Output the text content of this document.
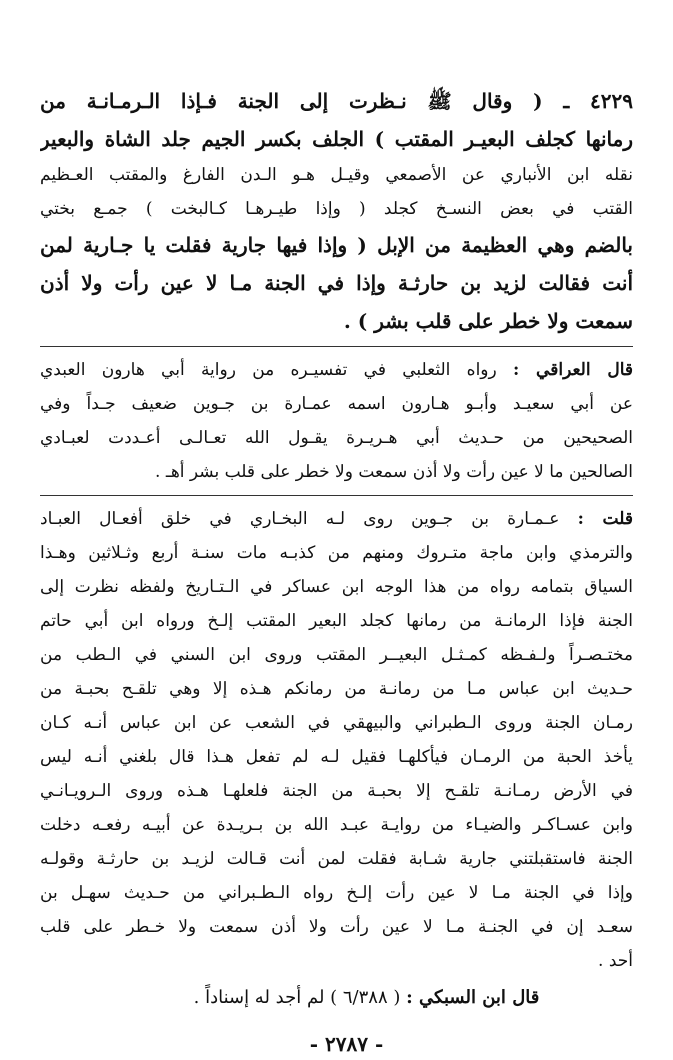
٤٢٢٩ ـ ( وقال ﷺ نـظرت إلى الجنة فـإذا الـرمـانـة من
رمانها كجلف البعيـر المقتب ) الجلف بكسر الجيم جلد الشاة والبعير
نقله ابن الأنباري عن الأصمعي وقيـل هـو الـدن الفارغ والمقتب العـظيم
القتب في بعض النسـخ كجلد ( وإذا طيـرهـا كـالبخت ) جمـع بختي
بالضم وهي العظيمة من الإبل ( وإذا فيها جارية فقلت يا جـارية لمن
أنت فقالت لزيد بن حارثـة وإذا في الجنة مـا لا عين رأت ولا أذن
سمعت ولا خطر على قلب بشر ) .
قال العراقي : رواه الثعلبي في تفسيـره من رواية أبي هارون العبدي
عن أبي سعيـد وأبـو هـارون اسمه عمـارة بن جـوين ضعيف جـداً وفي
الصحيحين من حـديث أبي هـريـرة يقـول الله تعـالـى أعـددت لعبـادي
الصالحين ما لا عين رأت ولا أذن سمعت ولا خطر على قلب بشر أهـ .
قلت : عـمـارة بن جـوين روى لـه البخـاري في خلق أفعـال العبـاد
والترمذي وابن ماجة متـروك ومنهم من كذبـه مات سنـة أربع وثـلاثين وهـذا
السياق بتمامه رواه من هذا الوجه ابن عساكر في الـتـاريخ ولفظه نظرت إلى
الجنة فإذا الرمانـة من رمانها كجلد البعير المقتب إلـخ ورواه ابن أبي حاتم
مختـصـراً ولـفـظه كمـثـل البعيــر المقتب وروى ابن السني في الـطب من
حـديث ابن عباس مـا من رمانـة من رمانكم هـذه إلا وهي تلقـح بحبـة من
رمـان الجنة وروى الـطبراني والبيهقي في الشعب عن ابن عباس أنـه كـان
يأخذ الحبة من الرمـان فيأكلهـا فقيل لـه لم تفعل هـذا قال بلغني أنـه ليس
في الأرض رمـانـة تلقـح إلا بحبـة من الجنة فلعلهـا هـذه وروى الـرويـانـي
وابن عسـاكـر والضيـاء من روايـة عبـد الله بن بـريـدة عن أبيـه رفعـه دخلت
الجنة فاستقبلتني جارية شـابة فقلت لمن أنت قـالت لزيـد بن حارثـة وقولـه
وإذا في الجنة مـا لا عين رأت إلـخ رواه الـطـبراني من حـديث سهـل بن
سعـد إن في الجنـة مـا لا عين رأت ولا أذن سمعت ولا خـطر على قلب
أحد .
قال ابن السبكي : ( ٦/٣٨٨ ) لم أجد له إسناداً .
- ٢٧٨٧ -
